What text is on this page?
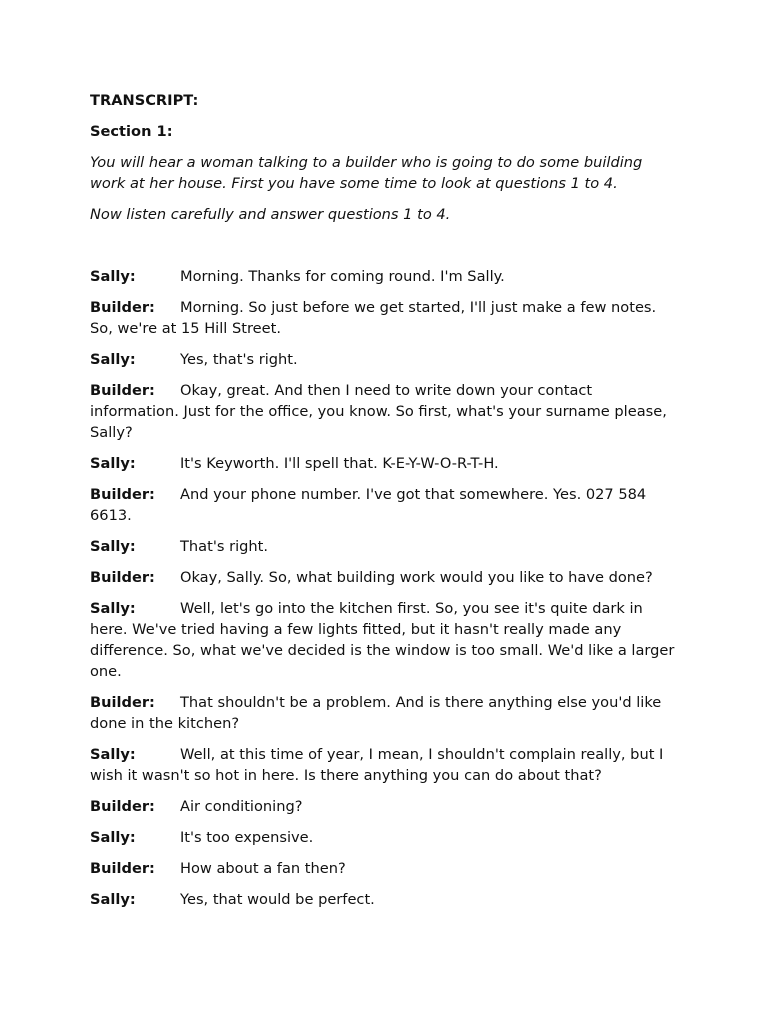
TRANSCRIPT:

Section 1:

You will hear a woman talking to a builder who is going to do some building work at her house. First you have some time to look at questions 1 to 4.

Now listen carefully and answer questions 1 to 4.

Sally:	Morning. Thanks for coming round. I'm Sally.

Builder: Morning. So just before we get started, I'll just make a few notes. So, we're at 15 Hill Street.

Sally:	Yes, that's right.

Builder: Okay, great. And then I need to write down your contact information. Just for the office, you know. So first, what's your surname please, Sally?

Sally:	It's Keyworth. I'll spell that. K-E-Y-W-O-R-T-H.

Builder: And your phone number. I've got that somewhere. Yes. 027 584 6613.

Sally:	That's right.

Builder: Okay, Sally. So, what building work would you like to have done?

Sally:	Well, let's go into the kitchen first. So, you see it's quite dark in here. We've tried having a few lights fitted, but it hasn't really made any difference. So, what we've decided is the window is too small. We'd like a larger one.

Builder: That shouldn't be a problem. And is there anything else you'd like done in the kitchen?

Sally:	Well, at this time of year, I mean, I shouldn't complain really, but I wish it wasn't so hot in here. Is there anything you can do about that?

Builder: Air conditioning?

Sally:	It's too expensive.

Builder: How about a fan then?

Sally:	Yes, that would be perfect.
